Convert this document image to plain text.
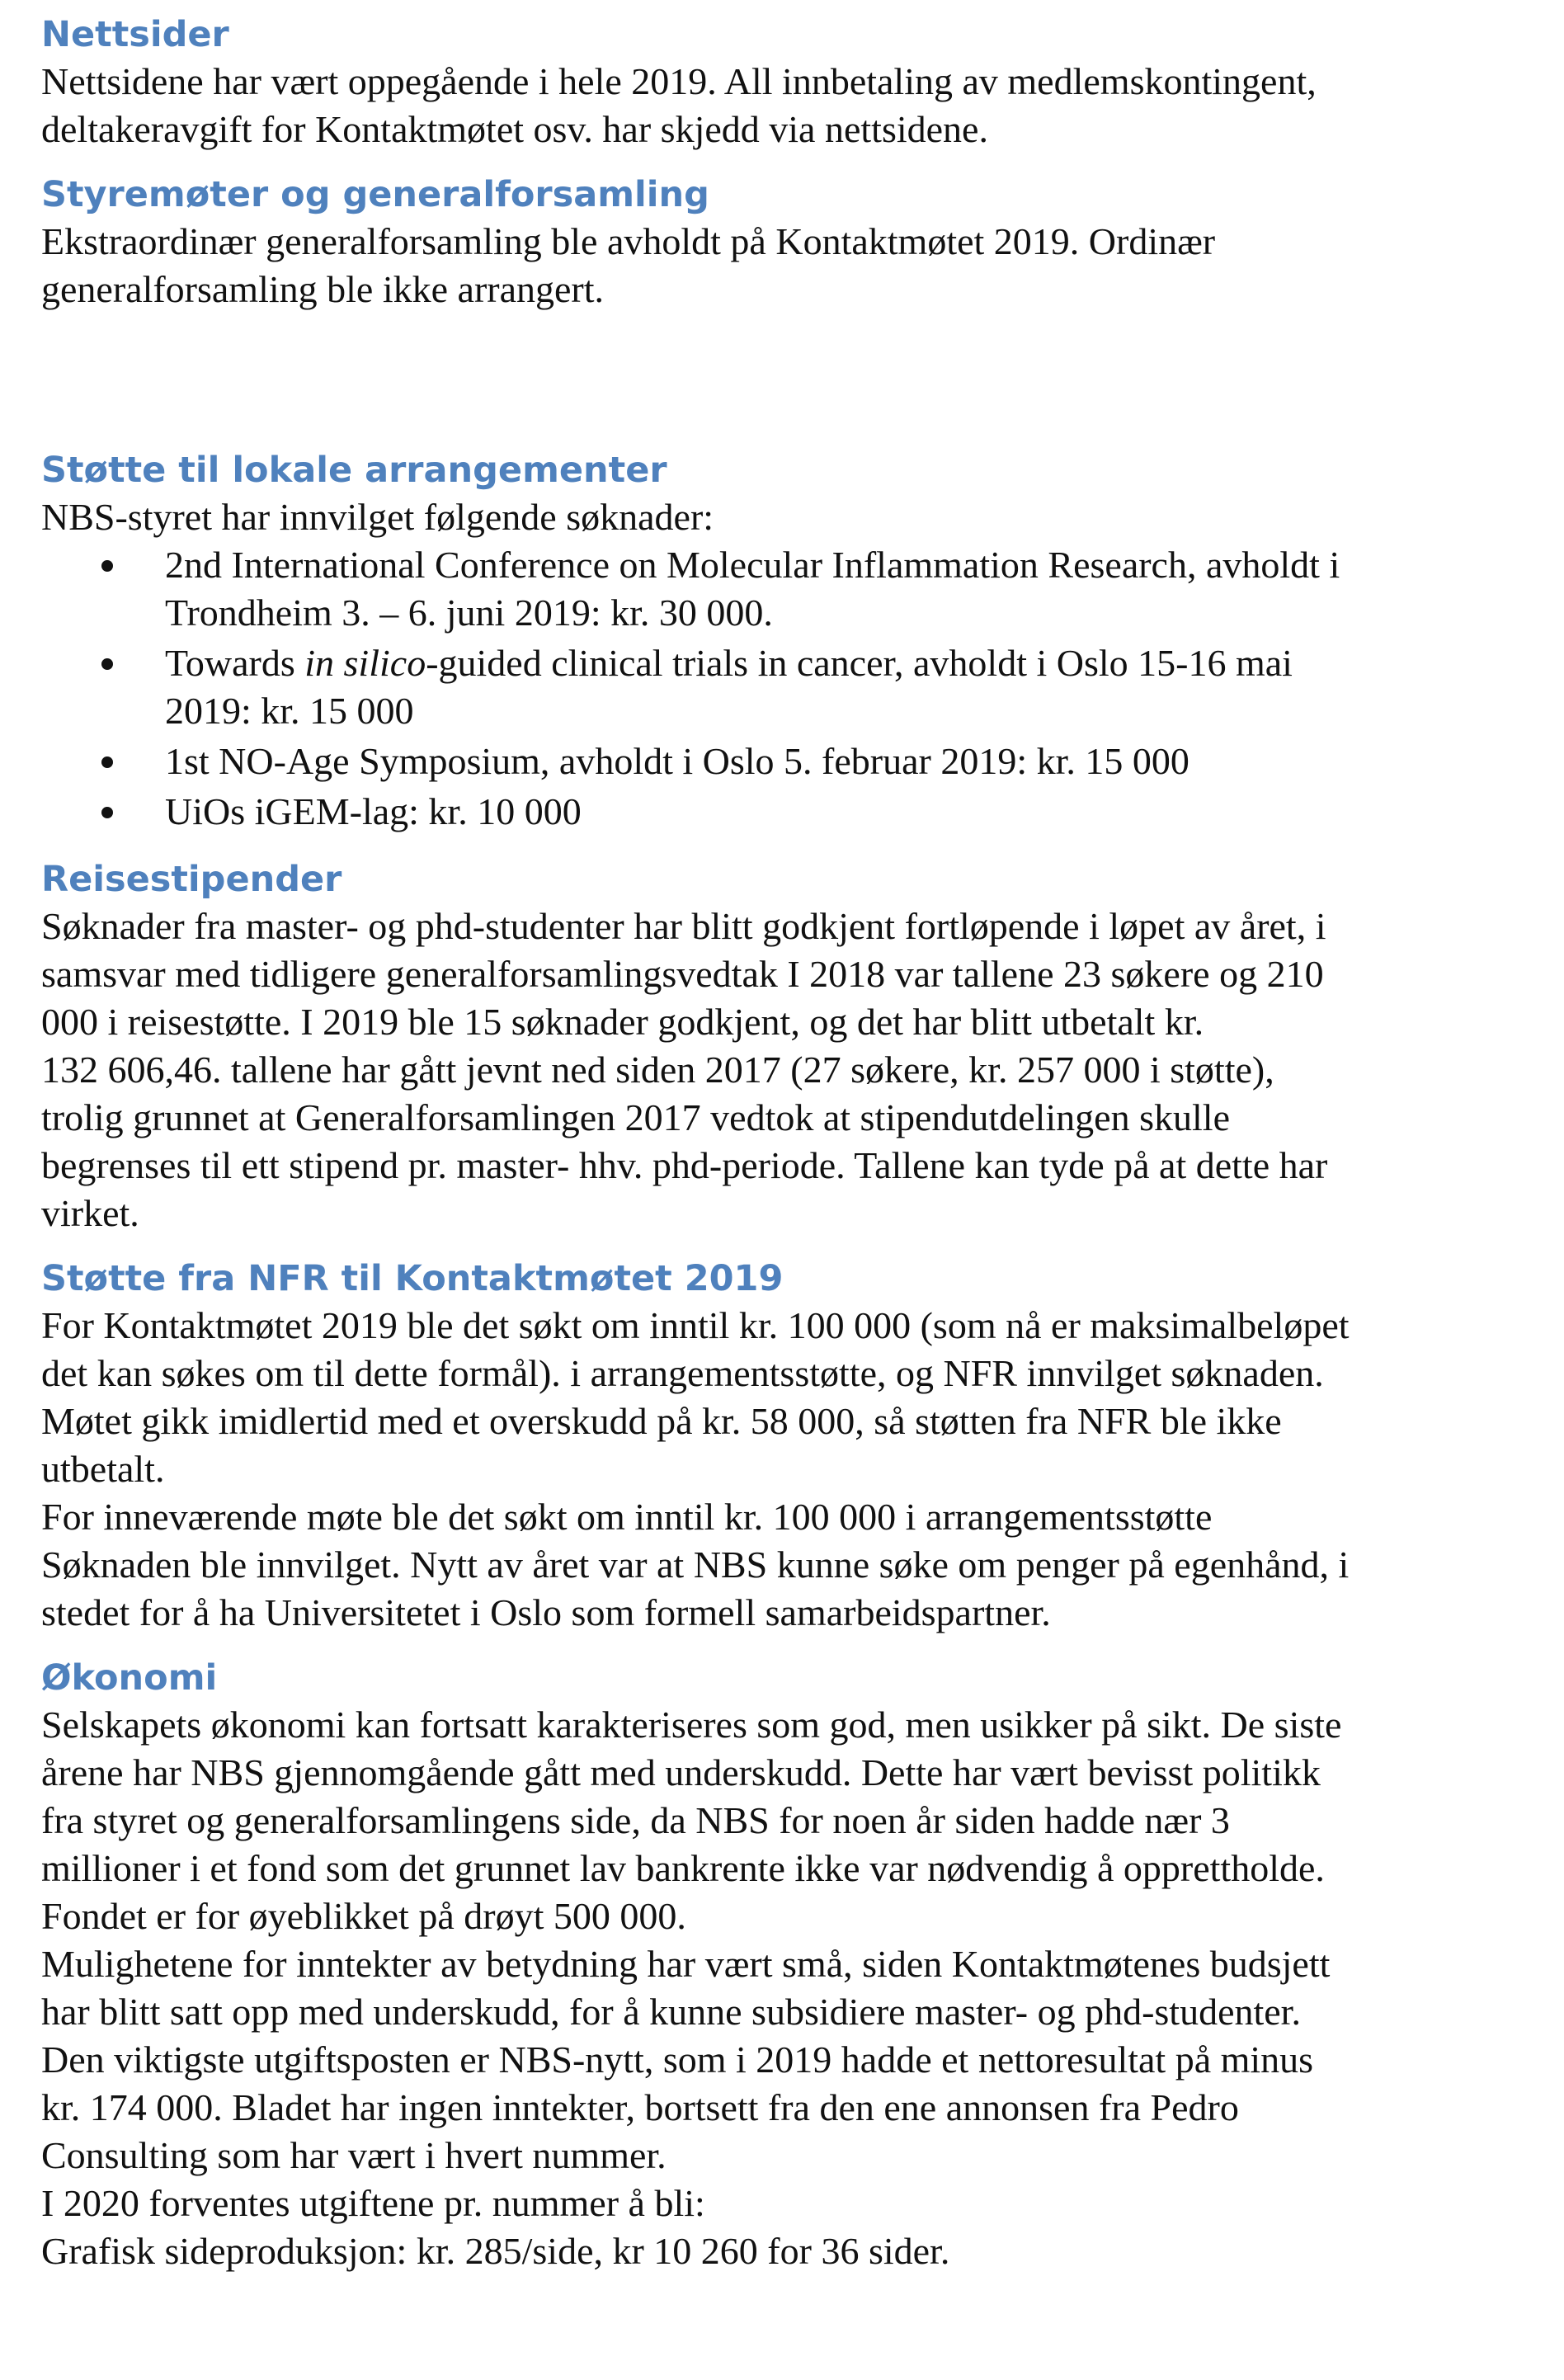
Nettsider

Nettsidene har vært oppegående i hele 2019. All innbetaling av medlemskontingent,
deltakeravgift for Kontaktmøtet osv. har skjedd via nettsidene.

Styremøter og generalforsamling

Ekstraordinær generalforsamling ble avholdt på Kontaktmøtet 2019. Ordinær
generalforsamling ble ikke arrangert.

Støtte til lokale arrangementer

NBS-styret har innvilget følgende søknader:

2nd International Conference on Molecular Inflammation Research, avholdt i
Trondheim 3. – 6. juni 2019: kr. 30 000.
Towards in silico-guided clinical trials in cancer, avholdt i Oslo 15-16 mai
2019: kr. 15 000
1st NO-Age Symposium, avholdt i Oslo 5. februar 2019: kr. 15 000
UiOs iGEM-lag: kr. 10 000
Reisestipender

Søknader fra master- og phd-studenter har blitt godkjent fortløpende i løpet av året, i
samsvar med tidligere generalforsamlingsvedtak I 2018 var tallene 23 søkere og 210
000 i reisestøtte. I 2019 ble 15 søknader godkjent, og det har blitt utbetalt kr.
132 606,46. tallene har gått jevnt ned siden 2017 (27 søkere, kr. 257 000 i støtte),
trolig grunnet at Generalforsamlingen 2017 vedtok at stipendutdelingen skulle
begrenses til ett stipend pr. master- hhv. phd-periode. Tallene kan tyde på at dette har
virket.

Støtte fra NFR til Kontaktmøtet 2019

For Kontaktmøtet 2019 ble det søkt om inntil kr. 100 000 (som nå er maksimalbeløpet
det kan søkes om til dette formål). i arrangementsstøtte, og NFR innvilget søknaden.
Møtet gikk imidlertid med et overskudd på kr. 58 000, så støtten fra NFR ble ikke
utbetalt.
For inneværende møte ble det søkt om inntil kr. 100 000 i arrangementsstøtte
Søknaden ble innvilget. Nytt av året var at NBS kunne søke om penger på egenhånd, i
stedet for å ha Universitetet i Oslo som formell samarbeidspartner.

Økonomi

Selskapets økonomi kan fortsatt karakteriseres som god, men usikker på sikt. De siste
årene har NBS gjennomgående gått med underskudd. Dette har vært bevisst politikk
fra styret og generalforsamlingens side, da NBS for noen år siden hadde nær 3
millioner i et fond som det grunnet lav bankrente ikke var nødvendig å opprettholde.
Fondet er for øyeblikket på drøyt 500 000.
Mulighetene for inntekter av betydning har vært små, siden Kontaktmøtenes budsjett
har blitt satt opp med underskudd, for å kunne subsidiere master- og phd-studenter.
Den viktigste utgiftsposten er NBS-nytt, som i 2019 hadde et nettoresultat på minus
kr. 174 000. Bladet har ingen inntekter, bortsett fra den ene annonsen fra Pedro
Consulting som har vært i hvert nummer.
I 2020 forventes utgiftene pr. nummer å bli:
Grafisk sideproduksjon: kr. 285/side, kr 10 260 for 36 sider.
